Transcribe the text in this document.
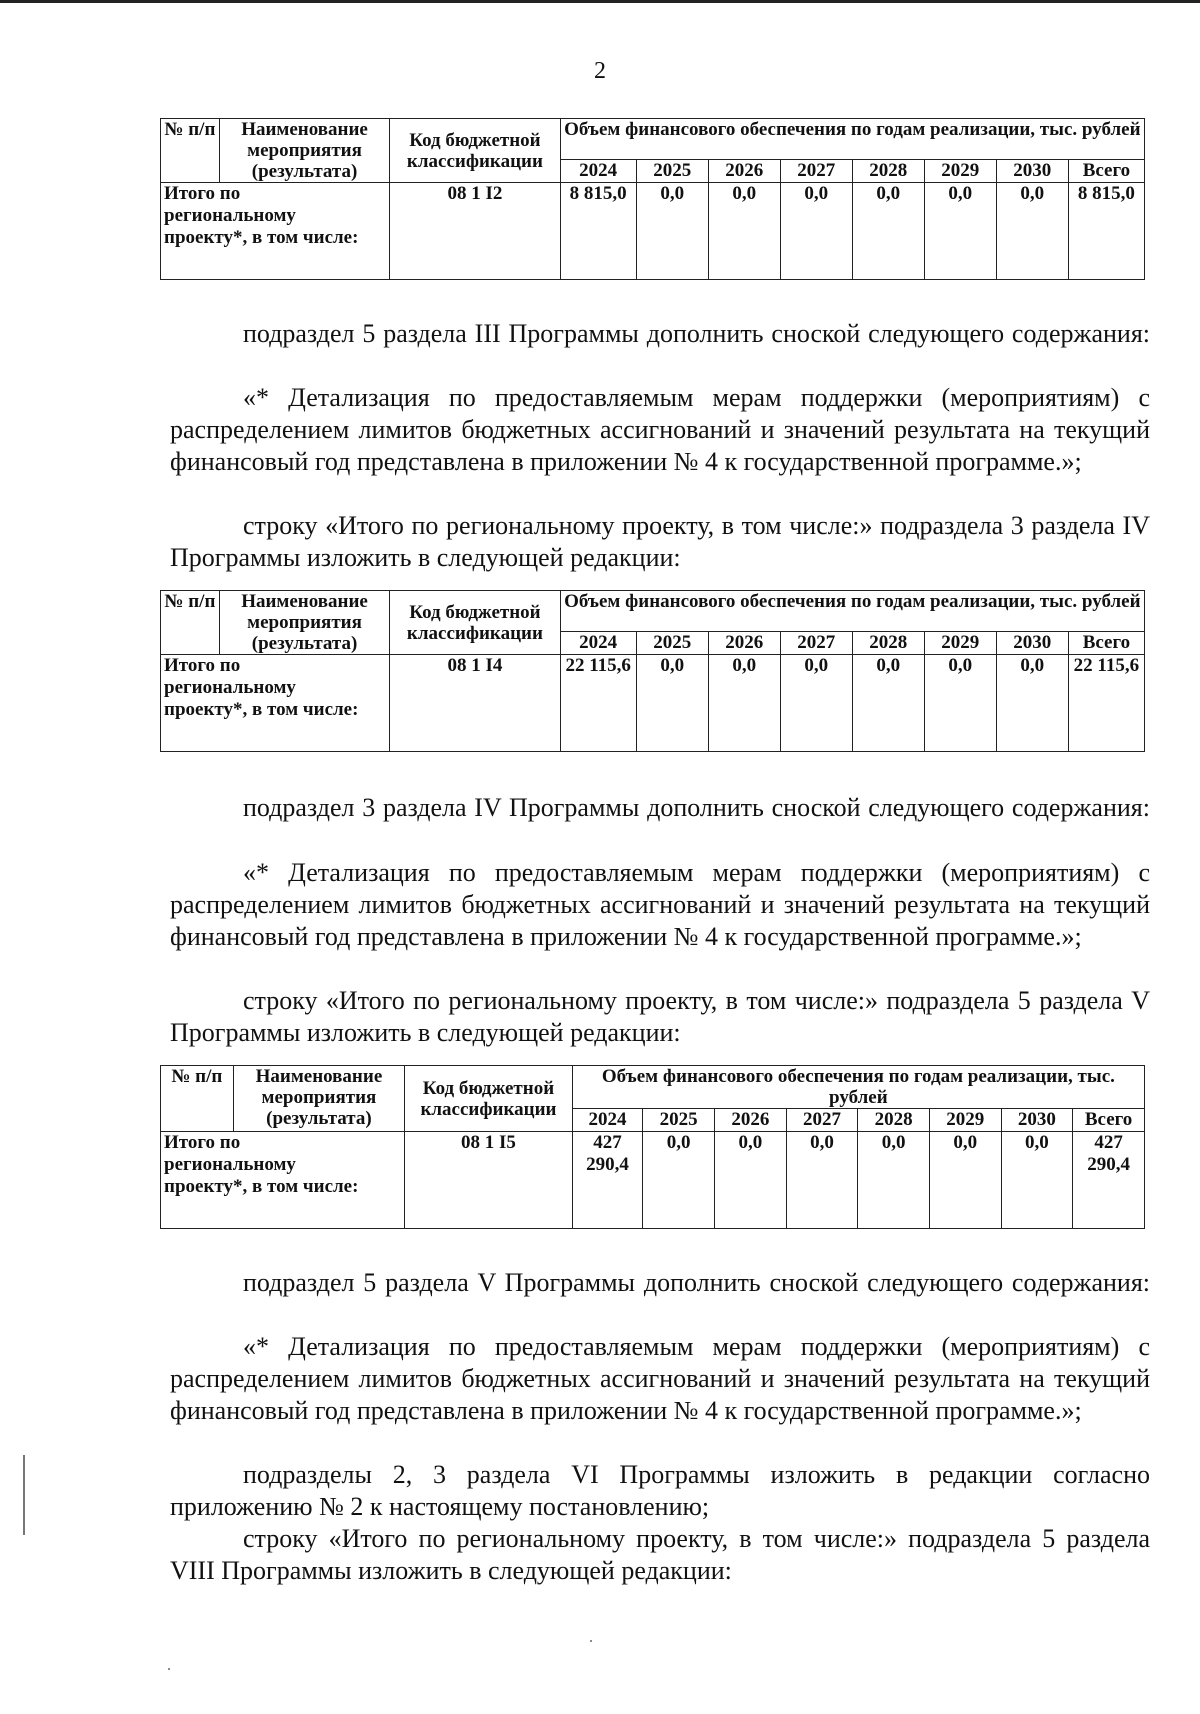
2
№ п/п	Наименование мероприятия (результата)	Код бюджетной классификации	Объем финансового обеспечения по годам реализации, тыс. рублей							
			2024	2025	2026	2027	2028	2029	2030	Всего

Итого по региональному проекту*, в том числе:		08 1 I2	8 815,0	0,0	0,0	0,0	0,0	0,0	0,0	8 815,0

подраздел 5 раздела III Программы дополнить сноской следующего содержания:

«* Детализация по предоставляемым мерам поддержки (мероприятиям) с распределением лимитов бюджетных ассигнований и значений результата на текущий финансовый год представлена в приложении № 4 к государственной программе.»;

строку «Итого по региональному проекту, в том числе:» подраздела 3 раздела IV Программы изложить в следующей редакции:

№ п/п	Наименование мероприятия (результата)	Код бюджетной классификации	Объем финансового обеспечения по годам реализации, тыс. рублей							
			2024	2025	2026	2027	2028	2029	2030	Всего

Итого по региональному проекту*, в том числе:		08 1 I4	22 115,6	0,0	0,0	0,0	0,0	0,0	0,0	22 115,6

подраздел 3 раздела IV Программы дополнить сноской следующего содержания:

«* Детализация по предоставляемым мерам поддержки (мероприятиям) с распределением лимитов бюджетных ассигнований и значений результата на текущий финансовый год представлена в приложении № 4 к государственной программе.»;

строку «Итого по региональному проекту, в том числе:» подраздела 5 раздела V Программы изложить в следующей редакции:

№ п/п	Наименование мероприятия (результата)	Код бюджетной классификации	Объем финансового обеспечения по годам реализации, тыс. рублей							
			2024	2025	2026	2027	2028	2029	2030	Всего

Итого по региональному проекту*, в том числе:		08 1 I5	427 290,4	0,0	0,0	0,0	0,0	0,0	0,0	427 290,4

подраздел 5 раздела V Программы дополнить сноской следующего содержания:

«* Детализация по предоставляемым мерам поддержки (мероприятиям) с распределением лимитов бюджетных ассигнований и значений результата на текущий финансовый год представлена в приложении № 4 к государственной программе.»;

подразделы 2, 3 раздела VI Программы изложить в редакции согласно приложению № 2 к настоящему постановлению;

строку «Итого по региональному проекту, в том числе:» подраздела 5 раздела VIII Программы изложить в следующей редакции:
